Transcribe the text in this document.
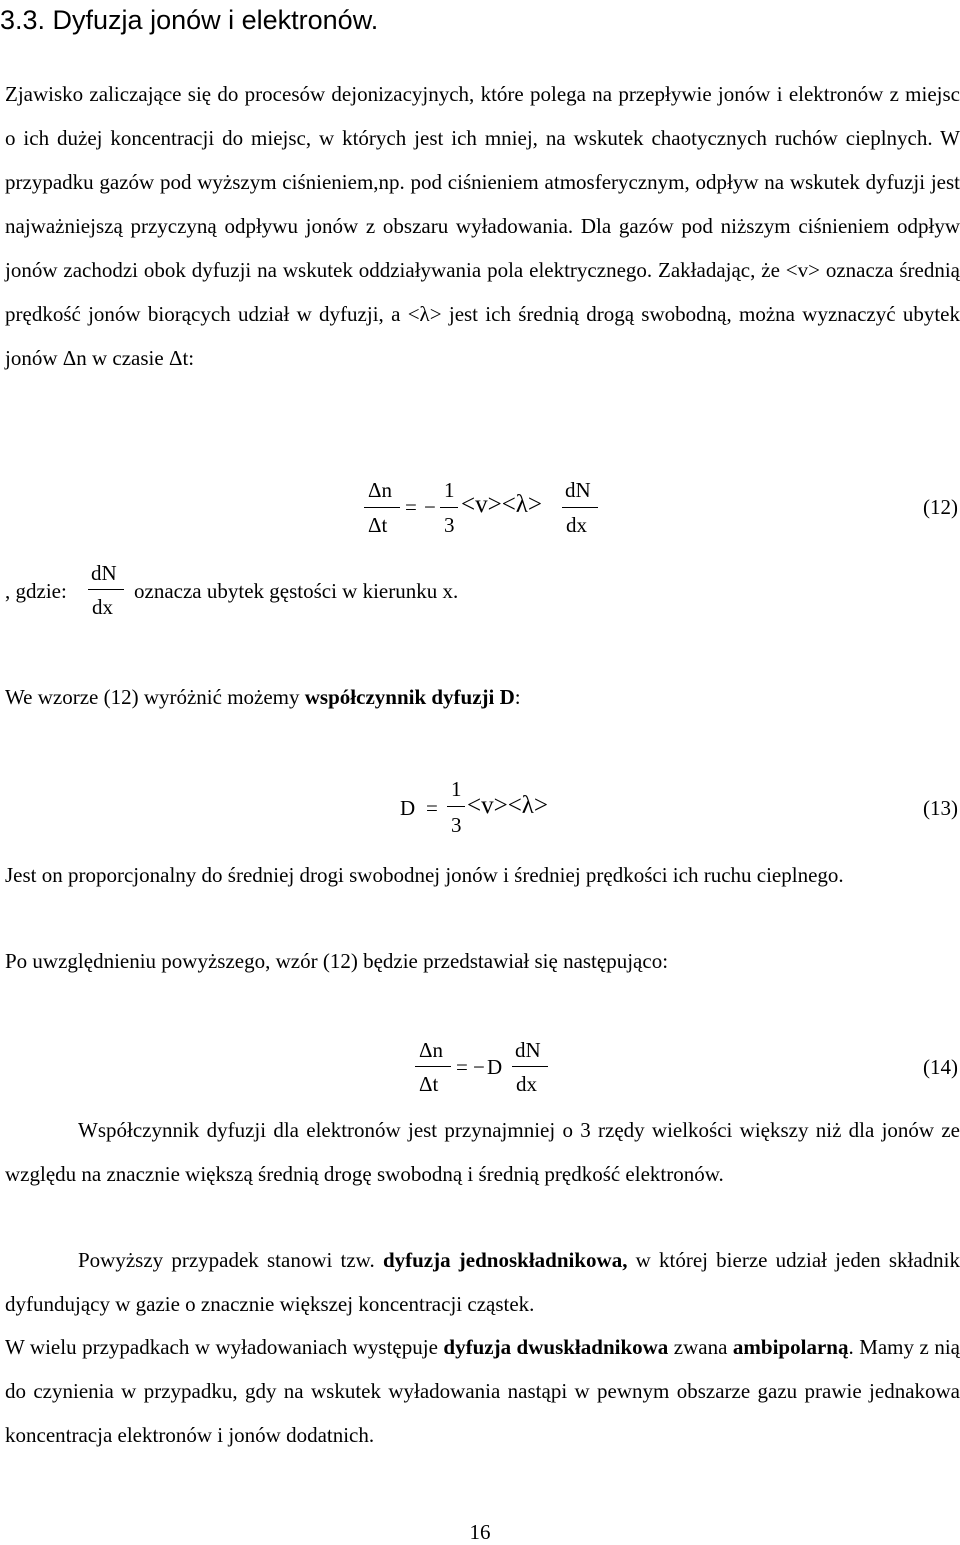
3.3. Dyfuzja jonów i elektronów.

Zjawisko zaliczające się do procesów dejonizacyjnych, które polega na przepływie jonów i elektronów z miejsc o ich dużej koncentracji do miejsc, w których jest ich mniej, na wskutek chaotycznych ruchów cieplnych. W przypadku gazów pod wyższym ciśnieniem,np. pod ciśnieniem atmosferycznym, odpływ na wskutek dyfuzji jest najważniejszą przyczyną odpływu jonów z obszaru wyładowania. Dla gazów pod niższym ciśnieniem odpływ jonów zachodzi obok dyfuzji na wskutek oddziaływania pola elektrycznego. Zakładając, że <v> oznacza średnią prędkość jonów biorących udział w dyfuzji, a <λ> jest ich średnią drogą swobodną, można wyznaczyć ubytek jonów Δn w czasie Δt:

Δn
Δt
= −
1
3
<v><λ>
dN
dx
(12)
, gdzie:
dN
dx
oznacza ubytek gęstości w kierunku x.

We wzorze (12) wyróżnić możemy współczynnik dyfuzji D:

D =
1
3
<v><λ>	(13)

Jest on proporcjonalny do średniej drogi swobodnej jonów i średniej prędkości ich ruchu cieplnego.

Po uwzględnieniu powyższego, wzór (12) będzie przedstawiał się następująco:

Δn
Δt
= − D
dN
dx
(14)

Współczynnik dyfuzji dla elektronów jest przynajmniej o 3 rzędy wielkości większy niż dla jonów ze względu na znacznie większą średnią drogę swobodną i średnią prędkość elektronów.

Powyższy przypadek stanowi tzw. dyfuzja jednoskładnikowa, w której bierze udział jeden składnik dyfundujący w gazie o znacznie większej koncentracji cząstek.

W wielu przypadkach w wyładowaniach występuje dyfuzja dwuskładnikowa zwana ambipolarną. Mamy z nią do czynienia w przypadku, gdy na wskutek wyładowania nastąpi w pewnym obszarze gazu prawie jednakowa koncentracja elektronów i jonów dodatnich.

16
